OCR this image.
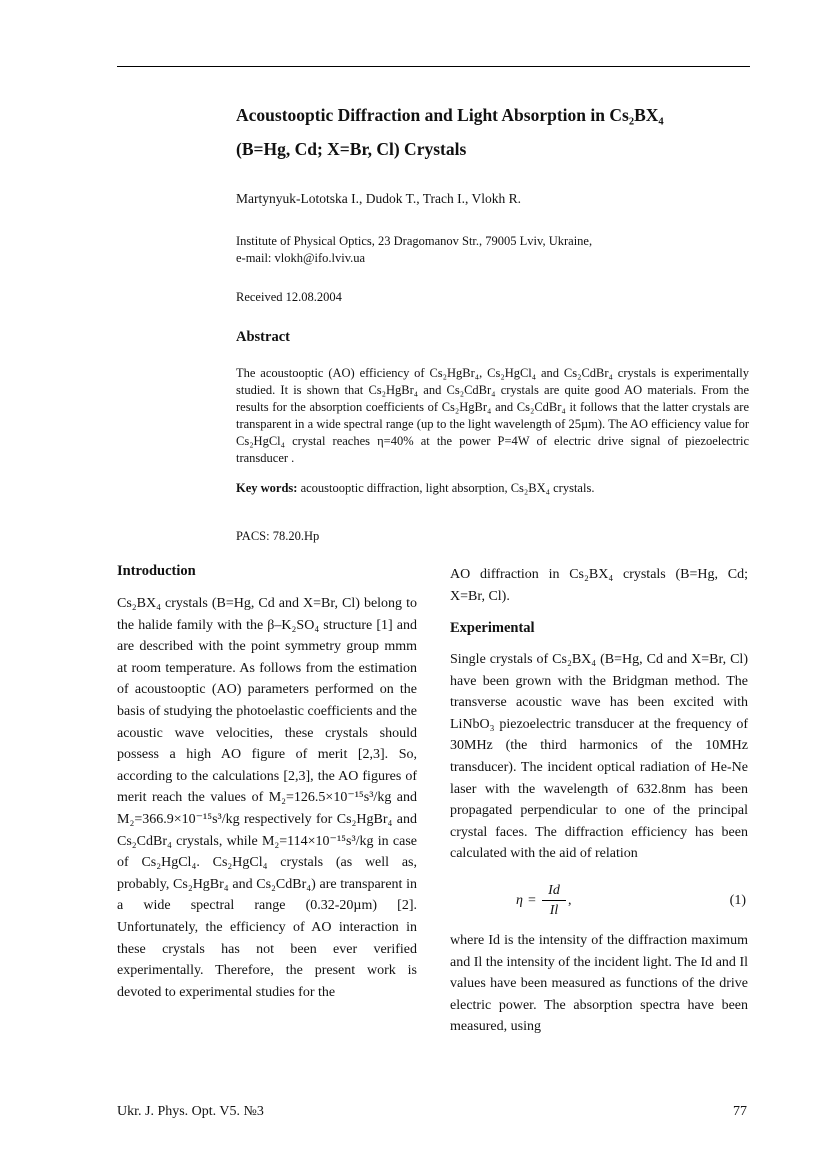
Acoustooptic Diffraction and Light Absorption in Cs₂BX₄
(B=Hg, Cd; X=Br, Cl) Crystals
Martynyuk-Lototska I., Dudok T., Trach I., Vlokh R.
Institute of Physical Optics, 23 Dragomanov Str., 79005 Lviv, Ukraine,
e-mail: vlokh@ifo.lviv.ua
Received 12.08.2004
Abstract
The acoustooptic (AO) efficiency of Cs₂HgBr₄, Cs₂HgCl₄ and Cs₂CdBr₄ crystals is experimentally studied. It is shown that Cs₂HgBr₄ and Cs₂CdBr₄ crystals are quite good AO materials. From the results for the absorption coefficients of Cs₂HgBr₄ and Cs₂CdBr₄ it follows that the latter crystals are transparent in a wide spectral range (up to the light wavelength of 25µm). The AO efficiency value for Cs₂HgCl₄ crystal reaches η=40% at the power P=4W of electric drive signal of piezoelectric transducer .
Key words: acoustooptic diffraction, light absorption, Cs₂BX₄ crystals.
PACS: 78.20.Hp
Introduction
Cs₂BX₄ crystals (B=Hg, Cd and X=Br, Cl) belong to the halide family with the β–K₂SO₄ structure [1] and are described with the point symmetry group mmm at room temperature. As follows from the estimation of acoustooptic (AO) parameters performed on the basis of studying the photoelastic coefficients and the acoustic wave velocities, these crystals should possess a high AO figure of merit [2,3]. So, according to the calculations [2,3], the AO figures of merit reach the values of M₂=126.5×10⁻¹⁵s³/kg and M₂=366.9×10⁻¹⁵s³/kg respectively for Cs₂HgBr₄ and Cs₂CdBr₄ crystals, while M₂=114×10⁻¹⁵s³/kg in case of Cs₂HgCl₄. Cs₂HgCl₄ crystals (as well as, probably, Cs₂HgBr₄ and Cs₂CdBr₄) are transparent in a wide spectral range (0.32-20µm) [2]. Unfortunately, the efficiency of AO interaction in these crystals has not been ever verified experimentally. Therefore, the present work is devoted to experimental studies for the
AO diffraction in Cs₂BX₄ crystals (B=Hg, Cd; X=Br, Cl).
Experimental
Single crystals of Cs₂BX₄ (B=Hg, Cd and X=Br, Cl) have been grown with the Bridgman method. The transverse acoustic wave has been excited with LiNbO₃ piezoelectric transducer at the frequency of 30MHz (the third harmonics of the 10MHz transducer). The incident optical radiation of He-Ne laser with the wavelength of 632.8nm has been propagated perpendicular to one of the principal crystal faces. The diffraction efficiency has been calculated with the aid of relation
$\eta = \frac{Id}{Il}$ ,	(1)
where Id is the intensity of the diffraction maximum and Il the intensity of the incident light. The Id and Il values have been measured as functions of the drive electric power. The absorption spectra have been measured, using
Ukr. J. Phys. Opt. V5. №3	77
